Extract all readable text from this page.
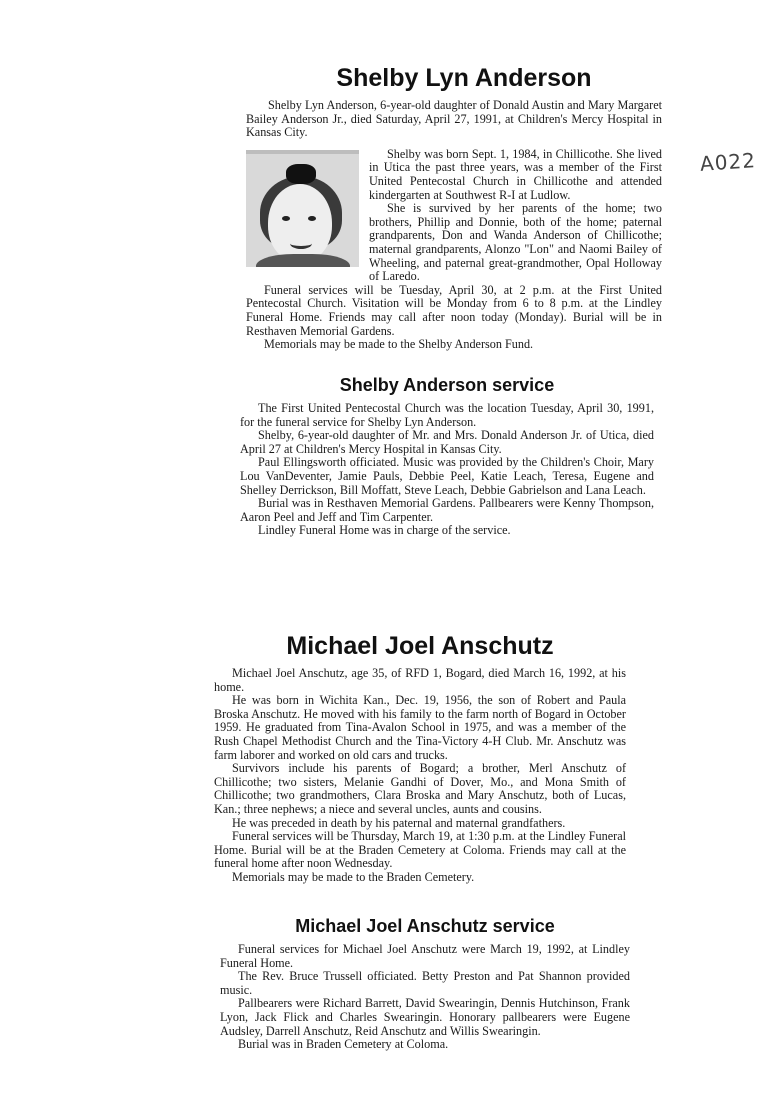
A022
Shelby Lyn Anderson

Shelby Lyn Anderson, 6-year-old daughter of Donald Austin and Mary Margaret Bailey Anderson Jr., died Saturday, April 27, 1991, at Children's Mercy Hospital in Kansas City.

Shelby was born Sept. 1, 1984, in Chillicothe. She lived in Utica the past three years, was a member of the First United Pentecostal Church in Chillicothe and attended kindergarten at Southwest R-I at Ludlow.

She is survived by her parents of the home; two brothers, Phillip and Donnie, both of the home; paternal grandparents, Don and Wanda Anderson of Chillicothe; maternal grandparents, Alonzo "Lon" and Naomi Bailey of Wheeling, and paternal great-grandmother, Opal Holloway of Laredo.

Funeral services will be Tuesday, April 30, at 2 p.m. at the First United Pentecostal Church. Visitation will be Monday from 6 to 8 p.m. at the Lindley Funeral Home. Friends may call after noon today (Monday). Burial will be in Resthaven Memorial Gardens.

Memorials may be made to the Shelby Anderson Fund.

Shelby Anderson service

The First United Pentecostal Church was the location Tuesday, April 30, 1991, for the funeral service for Shelby Lyn Anderson.

Shelby, 6-year-old daughter of Mr. and Mrs. Donald Anderson Jr. of Utica, died April 27 at Children's Mercy Hospital in Kansas City.

Paul Ellingsworth officiated. Music was provided by the Children's Choir, Mary Lou VanDeventer, Jamie Pauls, Debbie Peel, Katie Leach, Teresa, Eugene and Shelley Derrickson, Bill Moffatt, Steve Leach, Debbie Gabrielson and Lana Leach.

Burial was in Resthaven Memorial Gardens. Pallbearers were Kenny Thompson, Aaron Peel and Jeff and Tim Carpenter.

Lindley Funeral Home was in charge of the service.

Michael Joel Anschutz

Michael Joel Anschutz, age 35, of RFD 1, Bogard, died March 16, 1992, at his home.

He was born in Wichita Kan., Dec. 19, 1956, the son of Robert and Paula Broska Anschutz. He moved with his family to the farm north of Bogard in October 1959. He graduated from Tina-Avalon School in 1975, and was a member of the Rush Chapel Methodist Church and the Tina-Victory 4-H Club. Mr. Anschutz was farm laborer and worked on old cars and trucks.

Survivors include his parents of Bogard; a brother, Merl Anschutz of Chillicothe; two sisters, Melanie Gandhi of Dover, Mo., and Mona Smith of Chillicothe; two grandmothers, Clara Broska and Mary Anschutz, both of Lucas, Kan.; three nephews; a niece and several uncles, aunts and cousins.

He was preceded in death by his paternal and maternal grandfathers.

Funeral services will be Thursday, March 19, at 1:30 p.m. at the Lindley Funeral Home. Burial will be at the Braden Cemetery at Coloma. Friends may call at the funeral home after noon Wednesday.

Memorials may be made to the Braden Cemetery.

Michael Joel Anschutz service

Funeral services for Michael Joel Anschutz were March 19, 1992, at Lindley Funeral Home.

The Rev. Bruce Trussell officiated. Betty Preston and Pat Shannon provided music.

Pallbearers were Richard Barrett, David Swearingin, Dennis Hutchinson, Frank Lyon, Jack Flick and Charles Swearingin. Honorary pallbearers were Eugene Audsley, Darrell Anschutz, Reid Anschutz and Willis Swearingin.

Burial was in Braden Cemetery at Coloma.
